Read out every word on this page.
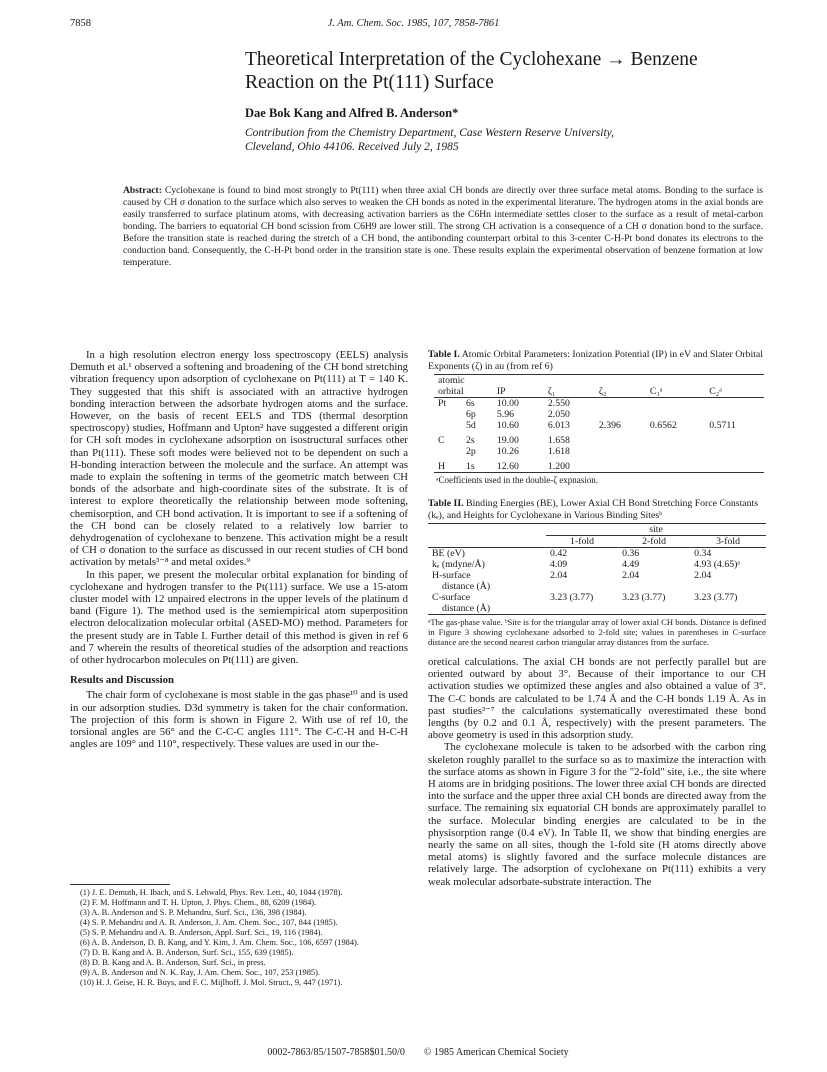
7858	J. Am. Chem. Soc. 1985, 107, 7858-7861
Theoretical Interpretation of the Cyclohexane → Benzene
Reaction on the Pt(111) Surface
Dae Bok Kang and Alfred B. Anderson*
Contribution from the Chemistry Department, Case Western Reserve University,
Cleveland, Ohio 44106. Received July 2, 1985
Abstract: Cyclohexane is found to bind most strongly to Pt(111) when three axial CH bonds are directly over three surface metal atoms. Bonding to the surface is caused by CH σ donation to the surface which also serves to weaken the CH bonds as noted in the experimental literature. The hydrogen atoms in the axial bonds are easily transferred to surface platinum atoms, with decreasing activation barriers as the C6Hn intermediate settles closer to the surface as a result of metal-carbon bonding. The barriers to equatorial CH bond scission from C6H9 are lower still. The strong CH activation is a consequence of a CH σ donation bond to the surface. Before the transition state is reached during the stretch of a CH bond, the antibonding counterpart orbital to this 3-center C-H-Pt bond donates its electrons to the conduction band. Consequently, the C-H-Pt bond order in the transition state is one. These results explain the experimental observation of benzene formation at low temperature.

In a high resolution electron energy loss spectroscopy (EELS) analysis Demuth et al.¹ observed a softening and broadening of the CH bond stretching vibration frequency upon adsorption of cyclohexane on Pt(111) at T = 140 K. They suggested that this shift is associated with an attractive hydrogen bonding interaction between the adsorbate hydrogen atoms and the surface. However, on the basis of recent EELS and TDS (thermal desorption spectroscopy) studies, Hoffmann and Upton² have suggested a different origin for CH soft modes in cyclohexane adsorption on isostructural surfaces other than Pt(111). These soft modes were believed not to be dependent on such a H-bonding interaction between the molecule and the surface. An attempt was made to explain the softening in terms of the geometric match between CH bonds of the adsorbate and high-coordinate sites of the substrate. It is of interest to explore theoretically the relationship between mode softening, chemisorption, and CH bond activation. It is important to see if a softening of the CH bond can be closely related to a relatively low barrier to dehydrogenation of cyclohexane to benzene. This activation might be a result of CH σ donation to the surface as discussed in our recent studies of CH bond activation by metals³⁻⁸ and metal oxides.⁹

In this paper, we present the molecular orbital explanation for binding of cyclohexane and hydrogen transfer to the Pt(111) surface. We use a 15-atom cluster model with 12 unpaired electrons in the upper levels of the platinum d band (Figure 1). The method used is the semiempirical atom superposition electron delocalization molecular orbital (ASED-MO) method. Parameters for the present study are in Table I. Further detail of this method is given in ref 6 and 7 wherein the results of theoretical studies of the adsorption and reactions of other hydrocarbon molecules on Pt(111) are given.

Results and Discussion

The chair form of cyclohexane is most stable in the gas phase¹⁰ and is used in our adsorption studies. D3d symmetry is taken for the chair conformation. The projection of this form is shown in Figure 2. With use of ref 10, the torsional angles are 56° and the C-C-C angles 111°. The C-C-H and H-C-H angles are 109° and 110°, respectively. These values are used in our the-

(1) J. E. Demuth, H. Ibach, and S. Lehwald, Phys. Rev. Lett., 40, 1044 (1978).

(2) F. M. Hoffmann and T. H. Upton, J. Phys. Chem., 88, 6209 (1984).

(3) A. B. Anderson and S. P. Mehandru, Surf. Sci., 136, 398 (1984).

(4) S. P. Mehandru and A. B. Anderson, J. Am. Chem. Soc., 107, 844 (1985).

(5) S. P. Mehandru and A. B. Anderson, Appl. Surf. Sci., 19, 116 (1984).

(6) A. B. Anderson, D. B. Kang, and Y. Kim, J. Am. Chem. Soc., 106, 6597 (1984).

(7) D. B. Kang and A. B. Anderson, Surf. Sci., 155, 639 (1985).

(8) D. B. Kang and A. B. Anderson, Surf. Sci., in press.

(9) A. B. Anderson and N. K. Ray, J. Am. Chem. Soc., 107, 253 (1985).

(10) H. J. Geise, H. R. Buys, and F. C. Mijlhoff, J. Mol. Struct., 9, 447 (1971).

Table I. Atomic Orbital Parameters: Ionization Potential (IP) in eV and Slater Orbital Exponents (ζ) in au (from ref 6)

atomic						
orbital		IP	ζ₁	ζ₂	C₁ᵃ	C₂ᵃ
Pt	6s	10.00	2.550			
	6p	5.96	2.050			
	5d	10.60	6.013	2.396	0.6562	0.5711
C	2s	19.00	1.658			
	2p	10.26	1.618			
H	1s	12.60	1.200			

ᵃCoefficients used in the double-ζ expnasion.

Table II. Binding Energies (BE), Lower Axial CH Bond Stretching Force Constants (kₑ), and Heights for Cyclohexane in Various Binding Sitesᵇ

	site		
	1-fold	2-fold	3-fold
BE (eV)	0.42	0.36	0.34
kₑ (mdyne/Å)	4.09	4.49	4.93 (4.65)ᵃ
H-surface	2.04	2.04	2.04
distance (Å)			
C-surface	3.23 (3.77)	3.23 (3.77)	3.23 (3.77)
distance (Å)			

ᵃThe gas-phase value. ᵇSite is for the triangular array of lower axial CH bonds. Distance is defined in Figure 3 showing cyclohexane adsorbed to 2-fold site; values in parentheses in C-surface distance are the second nearest carbon triangular array distances from the surface.

oretical calculations. The axial CH bonds are not perfectly parallel but are oriented outward by about 3°. Because of their importance to our CH activation studies we optimized these angles and also obtained a value of 3°. The C-C bonds are calculated to be 1.74 Å and the C-H bonds 1.19 Å. As in past studies³⁻⁷ the calculations systematically overestimated these bond lengths (by 0.2 and 0.1 Å, respectively) with the present parameters. The above geometry is used in this adsorption study.

The cyclohexane molecule is taken to be adsorbed with the carbon ring skeleton roughly parallel to the surface so as to maximize the interaction with the surface atoms as shown in Figure 3 for the "2-fold" site, i.e., the site where H atoms are in bridging positions. The lower three axial CH bonds are directed into the surface and the upper three axial CH bonds are directed away from the surface. The remaining six equatorial CH bonds are approximately parallel to the surface. Molecular binding energies are calculated to be in the physisorption range (0.4 eV). In Table II, we show that binding energies are nearly the same on all sites, though the 1-fold site (H atoms directly above metal atoms) is slightly favored and the surface molecule distances are relatively large. The adsorption of cyclohexane on Pt(111) exhibits a very weak molecular adsorbate-substrate interaction. The

0002-7863/85/1507-7858$01.50/0 © 1985 American Chemical Society
